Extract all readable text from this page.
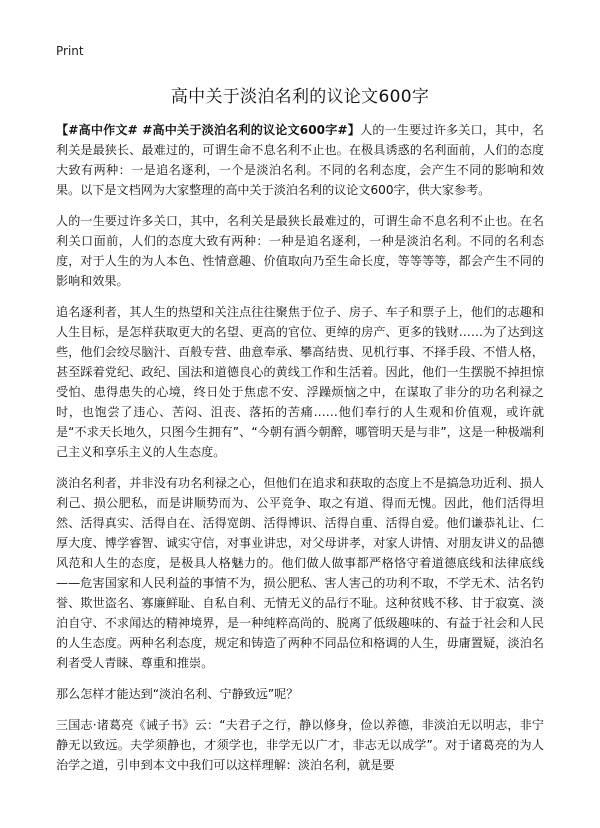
Print
高中关于淡泊名利的议论文600字

【#高中作文# #高中关于淡泊名利的议论文600字#】人的一生要过许多关口，其中，名利关是最狭长、最难过的，可谓生命不息名利不止也。在极具诱惑的名利面前，人们的态度大致有两种：一是追名逐利，一个是淡泊名利。不同的名利态度，会产生不同的影响和效果。以下是文档网为大家整理的高中关于淡泊名利的议论文600字，供大家参考。

人的一生要过许多关口，其中，名利关是最狭长最难过的，可谓生命不息名利不止也。在名利关口面前，人们的态度大致有两种：一种是追名逐利，一种是淡泊名利。不同的名利态度，对于人生的为人本色、性情意趣、价值取向乃至生命长度，等等等等，都会产生不同的影响和效果。

追名逐利者，其人生的热望和关注点往往聚焦于位子、房子、车子和票子上，他们的志趣和人生目标，是怎样获取更大的名望、更高的官位、更绰的房产、更多的钱财……为了达到这些，他们会绞尽脑汁、百般专营、曲意奉承、攀高结贵、见机行事、不择手段、不惜人格，甚至踩着党纪、政纪、国法和道德良心的黄线工作和生活着。因此，他们一生摆脱不掉担惊受怕、患得患失的心境，终日处于焦虑不安、浮躁烦恼之中，在谋取了非分的功名利禄之时，也饱尝了违心、苦闷、沮丧、落拓的苦痛……他们奉行的人生观和价值观，或许就是“不求天长地久，只图今生拥有”、“今朝有酒今朝醉，哪管明天是与非”，这是一种极端利己主义和享乐主义的人生态度。

淡泊名利者，并非没有功名利禄之心，但他们在追求和获取的态度上不是搞急功近利、损人利己、损公肥私，而是讲顺势而为、公平竞争、取之有道、得而无愧。因此，他们活得坦然、活得真实、活得自在、活得宽朗、活得博识、活得自重、活得自爱。他们谦恭礼让、仁厚大度、博学睿智、诚实守信，对事业讲忠，对父母讲孝，对家人讲情、对朋友讲义的品德风范和人生的态度，是极具人格魅力的。他们做人做事都严格恪守着道德底线和法律底线——危害国家和人民利益的事情不为，损公肥私、害人害己的功利不取，不学无术、沽名钓誉、欺世盗名、寡廉鲜耻、自私自利、无情无义的品行不耻。这种贫贱不移、甘于寂寞、淡泊自守、不求闻达的精神境界，是一种纯粹高尚的、脱离了低级趣味的、有益于社会和人民的人生态度。两种名利态度，规定和铸造了两种不同品位和格调的人生，毋庸置疑，淡泊名利者受人青睐、尊重和推崇。

那么怎样才能达到“淡泊名利、宁静致远”呢？

三国志·诸葛亮《诫子书》云：“夫君子之行，静以修身，俭以养德，非淡泊无以明志，非宁静无以致远。夫学须静也，才须学也，非学无以广才，非志无以成学”。对于诸葛亮的为人治学之道，引申到本文中我们可以这样理解：淡泊名利，就是要
